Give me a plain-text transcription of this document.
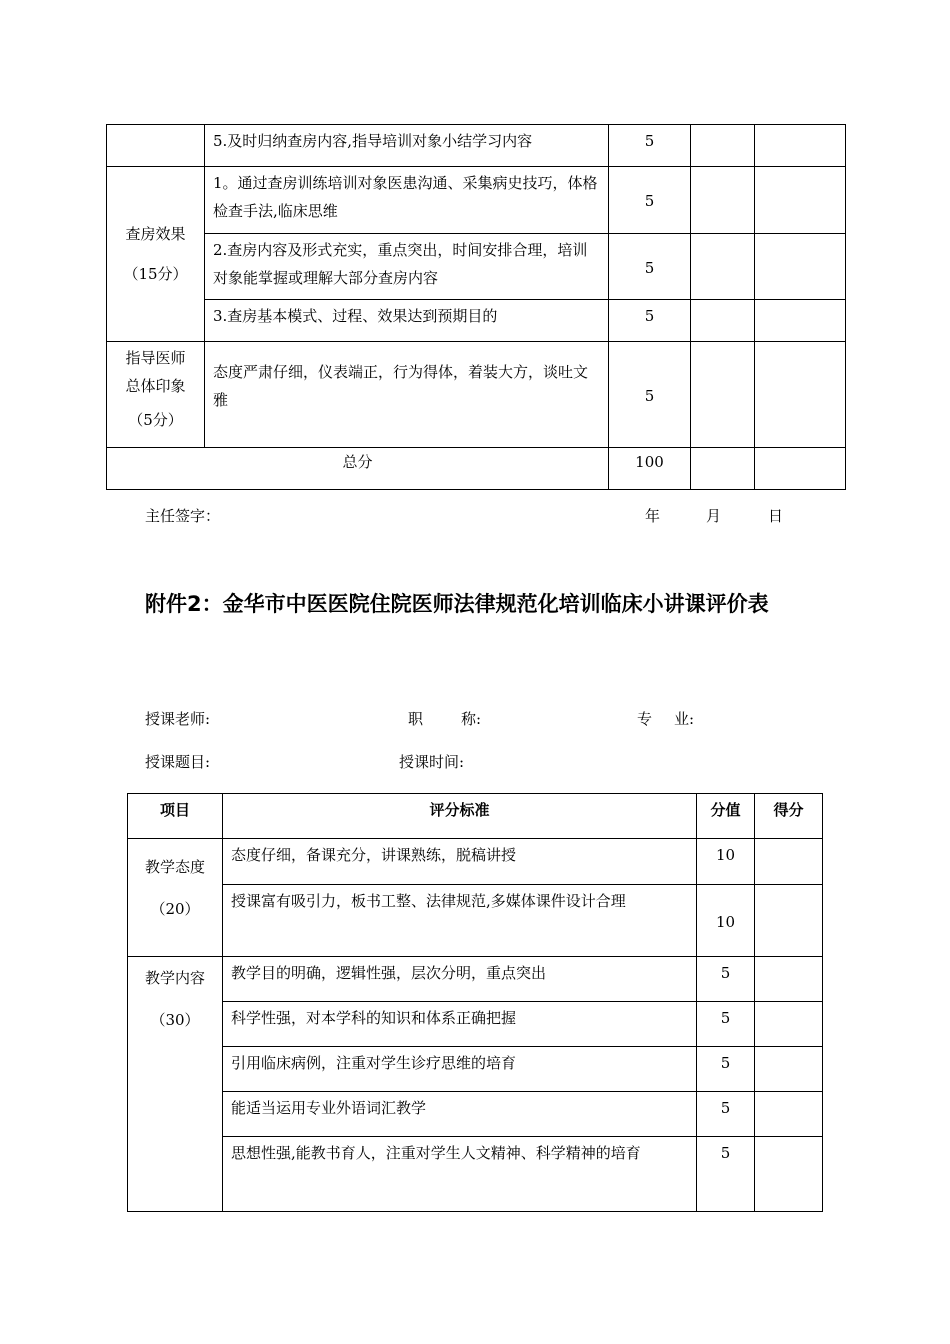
	5.及时归纳查房内容,指导培训对象小结学习内容	5		

查房效果
（15分）	1。通过查房训练培训对象医患沟通、采集病史技巧，体格检查手法,临床思维	5		
	2.查房内容及形式充实，重点突出，时间安排合理，培训对象能掌握或理解大部分查房内容	5		
	3.查房基本模式、过程、效果达到预期目的	5		

指导医师
总体印象
（5分）	态度严肃仔细，仪表端正，行为得体，着装大方，谈吐文雅	5		
总分		100		
主任签字：	年	月	日
附件2：金华市中医医院住院医师法律规范化培训临床小讲课评价表
授课老师:	职	称:	专 业:
授课题目:	授课时间:
项目	评分标准	分值	得分

教学态度
（20）	态度仔细，备课充分，讲课熟练，脱稿讲授	10	
	授课富有吸引力，板书工整、法律规范,多媒体课件设计合理	10	

教学内容
（30）	教学目的明确，逻辑性强，层次分明，重点突出	5	
	科学性强，对本学科的知识和体系正确把握	5	
	引用临床病例，注重对学生诊疗思维的培育	5	
	能适当运用专业外语词汇教学	5	
	思想性强,能教书育人，注重对学生人文精神、科学精神的培育	5	
